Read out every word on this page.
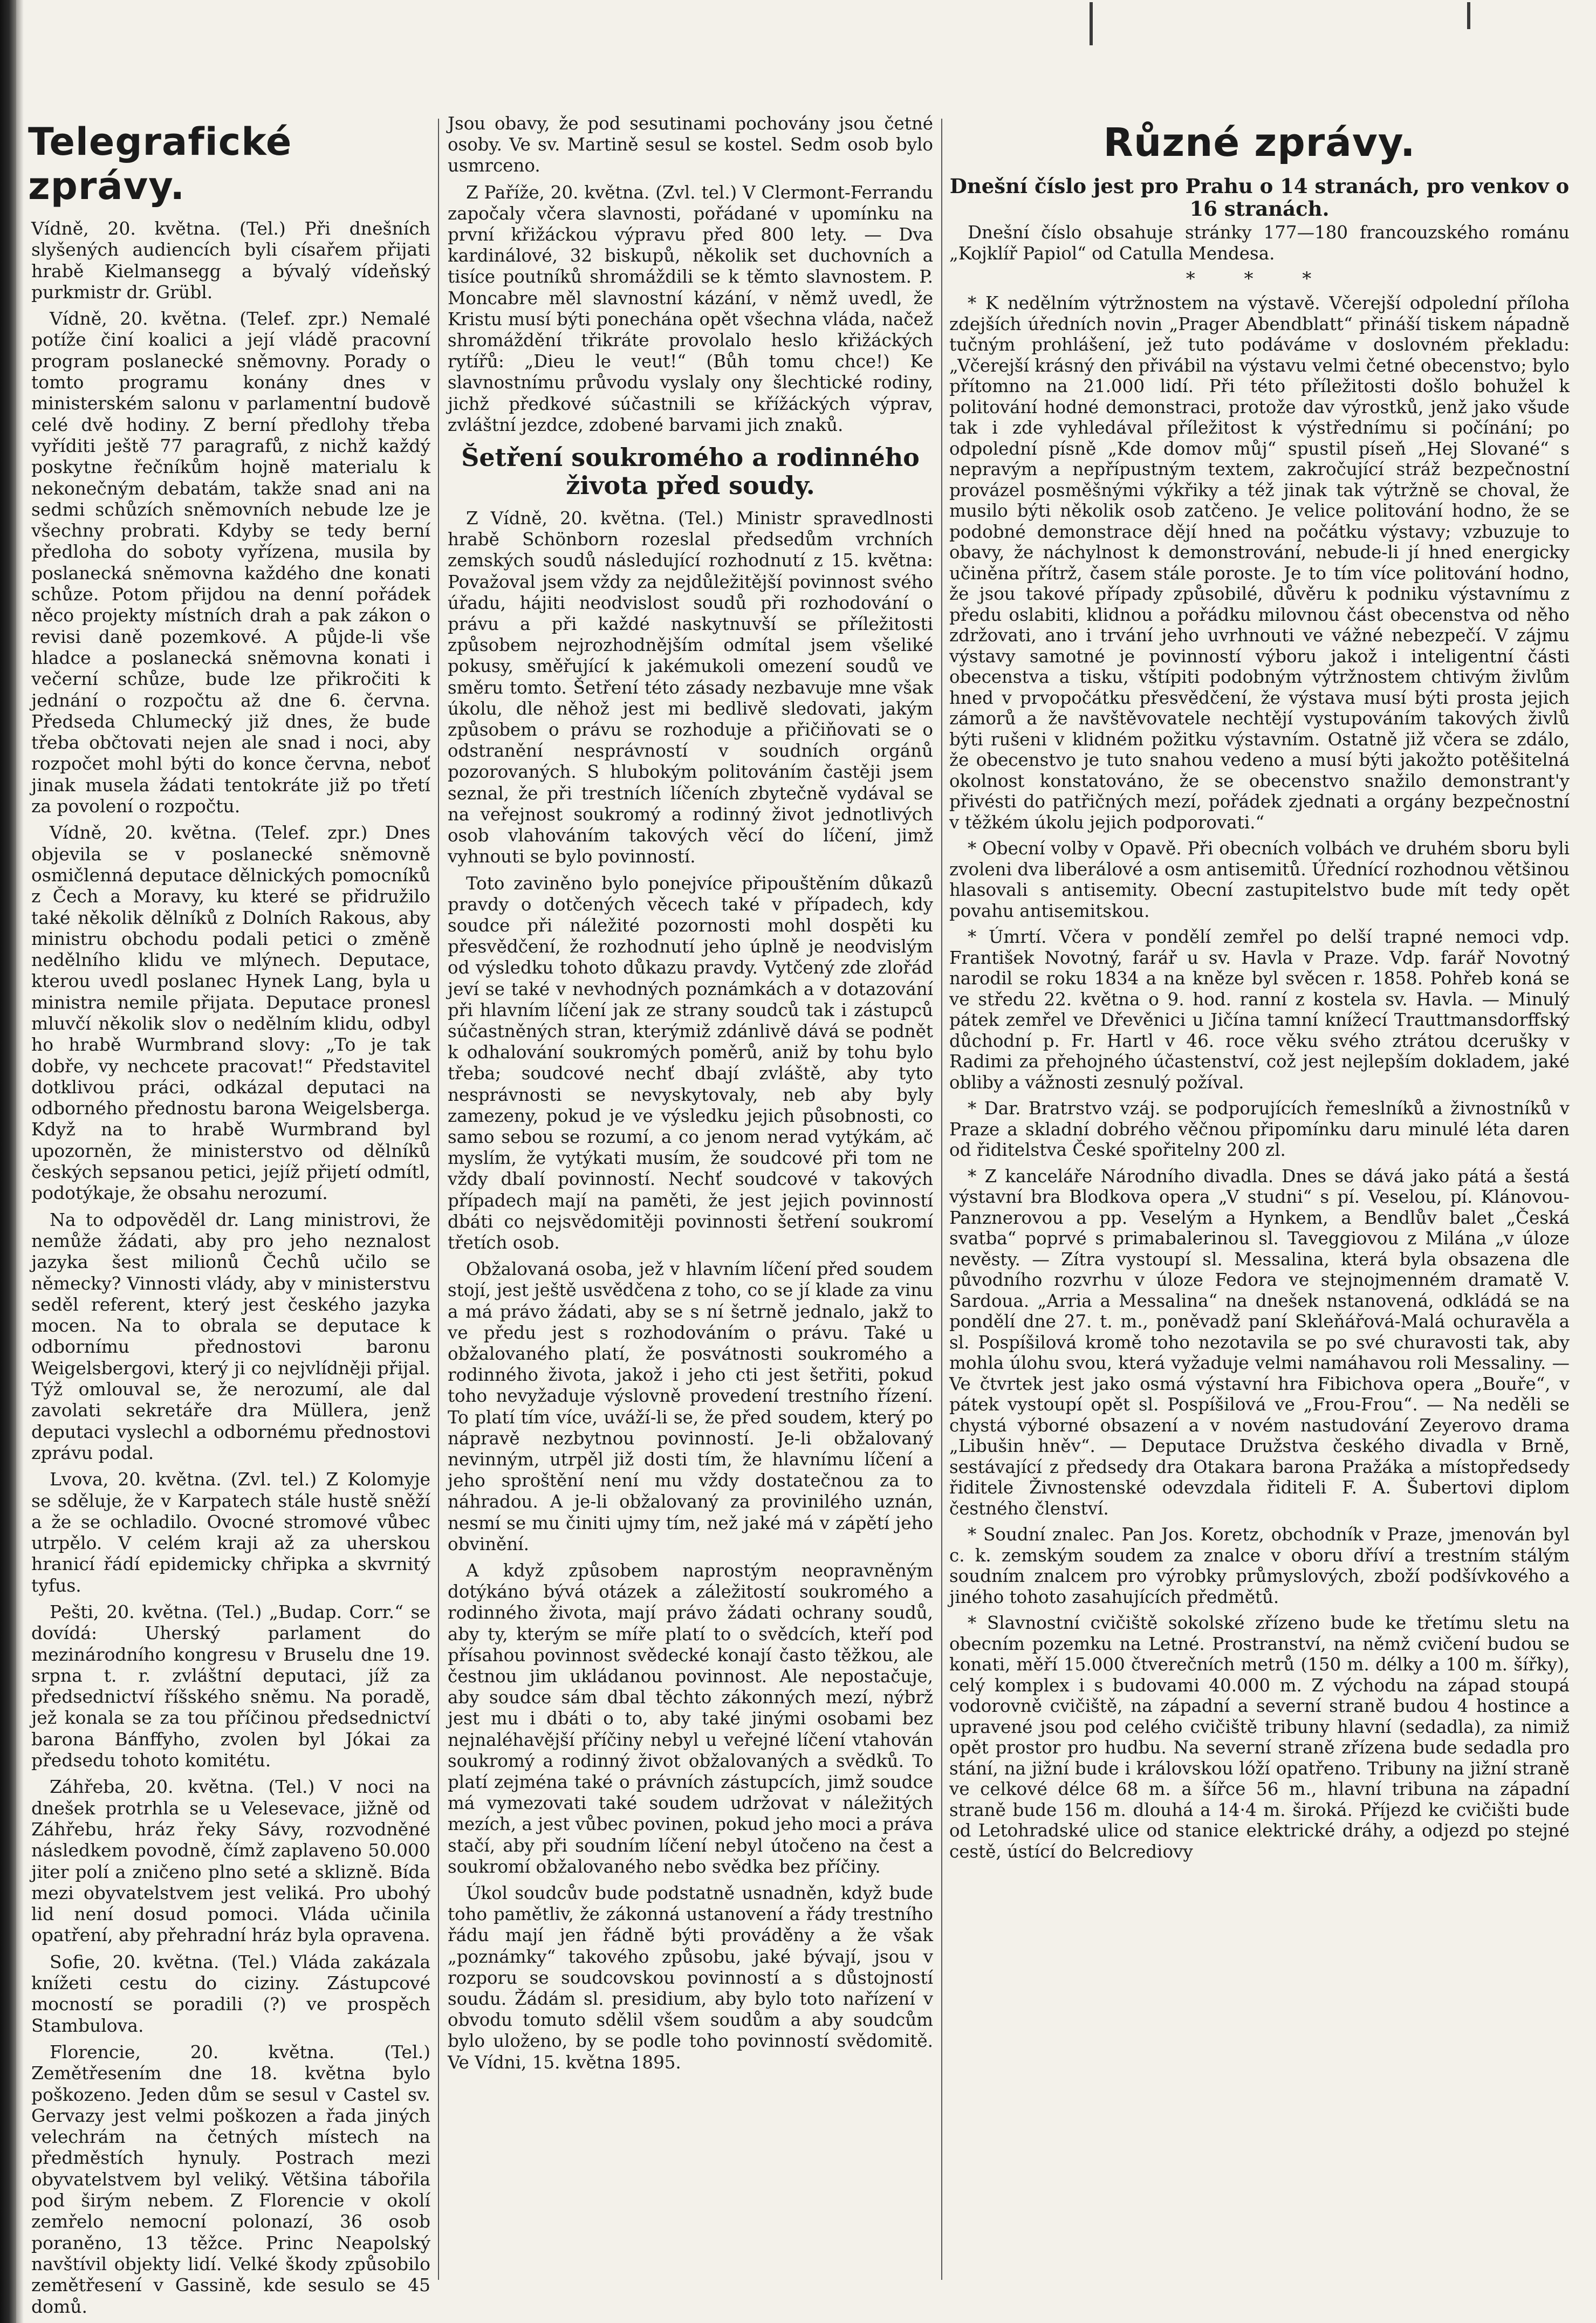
Telegrafické zprávy.

Vídně, 20. května. (Tel.) Při dnešních slyšených audiencích byli císařem přijati hrabě Kielmansegg a bývalý vídeňský purkmistr dr. Grübl.

Vídně, 20. května. (Telef. zpr.) Nemalé potíže činí koalici a její vládě pracovní program poslanecké sněmovny. Porady o tomto programu konány dnes v ministerském salonu v parlamentní budově celé dvě hodiny. Z berní předlohy třeba vyříditi ještě 77 paragrafů, z nichž každý poskytne řečníkům hojně materialu k nekonečným debatám, takže snad ani na sedmi schůzích sněmovních nebude lze je všechny probrati. Kdyby se tedy berní předloha do soboty vyřízena, musila by poslanecká sněmovna každého dne konati schůze. Potom přijdou na denní pořádek něco projekty místních drah a pak zákon o revisi daně pozemkové. A půjde-li vše hladce a poslanecká sněmovna konati i večerní schůze, bude lze přikročiti k jednání o rozpočtu až dne 6. června. Předseda Chlumecký již dnes, že bude třeba občtovati nejen ale snad i noci, aby rozpočet mohl býti do konce června, neboť jinak musela žádati tentokráte již po třetí za povolení o rozpočtu.

Vídně, 20. května. (Telef. zpr.) Dnes objevila se v poslanecké sněmovně osmičlenná deputace dělnických pomocníků z Čech a Moravy, ku které se přidružilo také několik dělníků z Dolních Rakous, aby ministru obchodu podali petici o změně nedělního klidu ve mlýnech. Deputace, kterou uvedl poslanec Hynek Lang, byla u ministra nemile přijata. Deputace pronesl mluvčí několik slov o nedělním klidu, odbyl ho hrabě Wurmbrand slovy: „To je tak dobře, vy nechcete pracovat!“ Představitel dotklivou práci, odkázal deputaci na odborného přednostu barona Weigelsberga. Když na to hrabě Wurmbrand byl upozorněn, že ministerstvo od dělníků českých sepsanou petici, jejíž přijetí odmítl, podotýkaje, že obsahu nerozumí.

Na to odpověděl dr. Lang ministrovi, že nemůže žádati, aby pro jeho neznalost jazyka šest milionů Čechů učilo se německy? Vinnosti vlády, aby v ministerstvu seděl referent, který jest českého jazyka mocen. Na to obrala se deputace k odbornímu přednostovi baronu Weigelsbergovi, který ji co nejvlídněji přijal. Týž omlouval se, že nerozumí, ale dal zavolati sekretáře dra Müllera, jenž deputaci vyslechl a odbornému přednostovi zprávu podal.

Lvova, 20. května. (Zvl. tel.) Z Kolomyje se sděluje, že v Karpatech stále hustě sněží a že se ochladilo. Ovocné stromové vůbec utrpělo. V celém kraji až za uherskou hranicí řádí epidemicky chřipka a skvrnitý tyfus.

Pešti, 20. května. (Tel.) „Budap. Corr.“ se dovídá: Uherský parlament do mezinárodního kongresu v Bruselu dne 19. srpna t. r. zvláštní deputaci, jíž za předsednictví říšského sněmu. Na poradě, jež konala se za tou příčinou předsednictví barona Bánffyho, zvolen byl Jókai za předsedu tohoto komitétu.

Záhřeba, 20. května. (Tel.) V noci na dnešek protrhla se u Velesevace, jižně od Záhřebu, hráz řeky Sávy, rozvodněné následkem povodně, čímž zaplaveno 50.000 jiter polí a zničeno plno seté a sklizně. Bída mezi obyvatelstvem jest veliká. Pro ubohý lid není dosud pomoci. Vláda učinila opatření, aby přehradní hráz byla opravena.

Sofie, 20. května. (Tel.) Vláda zakázala knížeti cestu do ciziny. Zástupcové mocností se poradili (?) ve prospěch Stambulova.

Florencie, 20. května. (Tel.) Zemětřesením dne 18. května bylo poškozeno. Jeden dům se sesul v Castel sv. Gervazy jest velmi poškozen a řada jiných velechrám na četných místech na předměstích hynuly. Postrach mezi obyvatelstvem byl veliký. Většina tábořila pod širým nebem. Z Florencie v okolí zemřelo nemocní polonazí, 36 osob poraněno, 13 těžce. Princ Neapolský navštívil objekty lidí. Velké škody způsobilo zemětřesení v Gassině, kde sesulo se 45 domů.

Jsou obavy, že pod sesutinami pochovány jsou četné osoby. Ve sv. Martině sesul se kostel. Sedm osob bylo usmrceno.

Z Paříže, 20. května. (Zvl. tel.) V Clermont-Ferrandu započaly včera slavnosti, pořádané v upomínku na první křižáckou výpravu před 800 lety. — Dva kardinálové, 32 biskupů, několik set duchovních a tisíce poutníků shromáždili se k těmto slavnostem. P. Moncabre měl slavnostní kázání, v němž uvedl, že Kristu musí býti ponechána opět všechna vláda, načež shromáždění třikráte provolalo heslo křižáckých rytířů: „Dieu le veut!“ (Bůh tomu chce!) Ke slavnostnímu průvodu vyslaly ony šlechtické rodiny, jichž předkové súčastnili se křížáckých výprav, zvláštní jezdce, zdobené barvami jich znaků.

Šetření soukromého a rodinného života před soudy.

Z Vídně, 20. května. (Tel.) Ministr spravedlnosti hrabě Schönborn rozeslal předsedům vrchních zemských soudů následující rozhodnutí z 15. května: Považoval jsem vždy za nejdůležitější povinnost svého úřadu, hájiti neodvislost soudů při rozhodování o právu a při každé naskytnuvší se příležitosti způsobem nejrozhodnějším odmítal jsem všeliké pokusy, směřující k jakémukoli omezení soudů ve směru tomto. Šetření této zásady nezbavuje mne však úkolu, dle něhož jest mi bedlivě sledovati, jakým způsobem o právu se rozhoduje a přičiňovati se o odstranění nesprávností v soudních orgánů pozorovaných. S hlubokým politováním častěji jsem seznal, že při trestních líčeních zbytečně vydával se na veřejnost soukromý a rodinný život jednotlivých osob vlahováním takových věcí do líčení, jimž vyhnouti se bylo povinností.

Toto zaviněno bylo ponejvíce připouštěním důkazů pravdy o dotčených věcech také v případech, kdy soudce při náležité pozornosti mohl dospěti ku přesvědčení, že rozhodnutí jeho úplně je neodvislým od výsledku tohoto důkazu pravdy. Vytčený zde zlořád jeví se také v nevhodných poznámkách a v dotazování při hlavním líčení jak ze strany soudců tak i zástupců súčastněných stran, kterýmiž zdánlivě dává se podnět k odhalování soukromých poměrů, aniž by tohu bylo třeba; soudcové nechť dbají zvláště, aby tyto nesprávnosti se nevyskytovaly, neb aby byly zamezeny, pokud je ve výsledku jejich působnosti, co samo sebou se rozumí, a co jenom nerad vytýkám, ač myslím, že vytýkati musím, že soudcové při tom ne vždy dbalí povinností. Nechť soudcové v takových případech mají na paměti, že jest jejich povinností dbáti co nejsvědomitěji povinnosti šetření soukromí třetích osob.

Obžalovaná osoba, jež v hlavním líčení před soudem stojí, jest ještě usvědčena z toho, co se jí klade za vinu a má právo žádati, aby se s ní šetrně jednalo, jakž to ve předu jest s rozhodováním o právu. Také u obžalovaného platí, že posvátnosti soukromého a rodinného života, jakož i jeho cti jest šetřiti, pokud toho nevyžaduje výslovně provedení trestního řízení. To platí tím více, uváží-li se, že před soudem, který po nápravě nezbytnou povinností. Je-li obžalovaný nevinným, utrpěl již dosti tím, že hlavnímu líčení a jeho sproštění není mu vždy dostatečnou za to náhradou. A je-li obžalovaný za provinilého uznán, nesmí se mu činiti ujmy tím, než jaké má v zápětí jeho obvinění.

A když způsobem naprostým neopravněným dotýkáno bývá otázek a záležitostí soukromého a rodinného života, mají právo žádati ochrany soudů, aby ty, kterým se míře platí to o svědcích, kteří pod přísahou povinnost svědecké konají často těžkou, ale čestnou jim ukládanou povinnost. Ale nepostačuje, aby soudce sám dbal těchto zákonných mezí, nýbrž jest mu i dbáti o to, aby také jinými osobami bez nejnaléhavější příčiny nebyl u veřejné líčení vtahován soukromý a rodinný život obžalovaných a svědků. To platí zejména také o právních zástupcích, jimž soudce má vymezovati také soudem udržovat v náležitých mezích, a jest vůbec povinen, pokud jeho moci a práva stačí, aby při soudním líčení nebyl útočeno na čest a soukromí obžalovaného nebo svědka bez příčiny.

Úkol soudcův bude podstatně usnadněn, když bude toho pamětliv, že zákonná ustanovení a řády trestního řádu mají jen řádně býti prováděny a že však „poznámky“ takového způsobu, jaké bývají, jsou v rozporu se soudcovskou povinností a s důstojností soudu. Žádám sl. presidium, aby bylo toto nařízení v obvodu tomuto sdělil všem soudům a aby soudcům bylo uloženo, by se podle toho povinností svědomitě. Ve Vídni, 15. května 1895.

Různé zprávy.
Dnešní číslo jest pro Prahu o 14 stranách, pro venkov o 16 stranách.

Dnešní číslo obsahuje stránky 177—180 francouzského románu „Kojklíř Papiol“ od Catulla Mendesa.

* * *

* K nedělním výtržnostem na výstavě. Včerejší odpolední příloha zdejších úředních novin „Prager Abendblatt“ přináší tiskem nápadně tučným prohlášení, jež tuto podáváme v doslovném překladu: „Včerejší krásný den přivábil na výstavu velmi četné obecenstvo; bylo přítomno na 21.000 lidí. Při této příležitosti došlo bohužel k politování hodné demonstraci, protože dav výrostků, jenž jako všude tak i zde vyhledával příležitost k výstřednímu si počínání; po odpolední písně „Kde domov můj“ spustil píseň „Hej Slované“ s nepravým a nepřípustným textem, zakročující stráž bezpečnostní provázel posměšnými výkřiky a též jinak tak výtržně se choval, že musilo býti několik osob zatčeno. Je velice politování hodno, že se podobné demonstrace dějí hned na počátku výstavy; vzbuzuje to obavy, že náchylnost k demonstrování, nebude-li jí hned energicky učiněna přítrž, časem stále poroste. Je to tím více politování hodno, že jsou takové případy způsobilé, důvěru k podniku výstavnímu z předu oslabiti, klidnou a pořádku milovnou část obecenstva od něho zdržovati, ano i trvání jeho uvrhnouti ve vážné nebezpečí. V zájmu výstavy samotné je povinností výboru jakož i inteligentní části obecenstva a tisku, vštípiti podobným výtržnostem chtivým živlům hned v prvopočátku přesvědčení, že výstava musí býti prosta jejich zámorů a že navštěvovatele nechtějí vystupováním takových živlů býti rušeni v klidném požitku výstavním. Ostatně již včera se zdálo, že obecenstvo je tuto snahou vedeno a musí býti jakožto potěšitelná okolnost konstatováno, že se obecenstvo snažilo demonstrant'y přivésti do patřičných mezí, pořádek zjednati a orgány bezpečnostní v těžkém úkolu jejich podporovati.“

* Obecní volby v Opavě. Při obecních volbách ve druhém sboru byli zvoleni dva liberálové a osm antisemitů. Úřednící rozhodnou většinou hlasovali s antisemity. Obecní zastupitelstvo bude mít tedy opět povahu antisemitskou.

* Úmrtí. Včera v pondělí zemřel po delší trapné nemoci vdp. František Novotný, farář u sv. Havla v Praze. Vdp. farář Novotný narodil se roku 1834 a na kněze byl svěcen r. 1858. Pohřeb koná se ve středu 22. května o 9. hod. ranní z kostela sv. Havla. — Minulý pátek zemřel ve Dřevěnici u Jičína tamní knížecí Trauttmansdorffský důchodní p. Fr. Hartl v 46. roce věku svého ztrátou dcerušky v Radimi za přehojného účastenství, což jest nejlepším dokladem, jaké obliby a vážnosti zesnulý požíval.

* Dar. Bratrstvo vzáj. se podporujících řemeslníků a živnostníků v Praze a skladní dobrého věčnou připomínku daru minulé léta daren od řiditelstva České spořitelny 200 zl.

* Z kanceláře Národního divadla. Dnes se dává jako pátá a šestá výstavní bra Blodkova opera „V studni“ s pí. Veselou, pí. Klánovou-Panznerovou a pp. Veselým a Hynkem, a Bendlův balet „Česká svatba“ poprvé s primabalerinou sl. Taveggiovou z Milána „v úloze nevěsty. — Zítra vystoupí sl. Messalina, která byla obsazena dle původního rozvrhu v úloze Fedora ve stejnojmenném dramatě V. Sardoua. „Arria a Messalina“ na dnešek nstanovená, odkládá se na pondělí dne 27. t. m., poněvadž paní Skleňářová-Malá ochuravěla a sl. Pospíšilová kromě toho nezotavila se po své churavosti tak, aby mohla úlohu svou, která vyžaduje velmi namáhavou roli Messaliny. — Ve čtvrtek jest jako osmá výstavní hra Fibichova opera „Bouře“, v pátek vystoupí opět sl. Pospíšilová ve „Frou-Frou“. — Na neděli se chystá výborné obsazení a v novém nastudování Zeyerovo drama „Libušin hněv“. — Deputace Družstva českého divadla v Brně, sestávající z předsedy dra Otakara barona Pražáka a místopředsedy řiditele Živnostenské odevzdala řiditeli F. A. Šubertovi diplom čestného členství.

* Soudní znalec. Pan Jos. Koretz, obchodník v Praze, jmenován byl c. k. zemským soudem za znalce v oboru dříví a trestním stálým soudním znalcem pro výrobky průmyslových, zboží podšívkového a jiného tohoto zasahujících předmětů.

* Slavnostní cvičiště sokolské zřízeno bude ke třetímu sletu na obecním pozemku na Letné. Prostranství, na němž cvičení budou se konati, měří 15.000 čtverečních metrů (150 m. délky a 100 m. šířky), celý komplex i s budovami 40.000 m. Z východu na západ stoupá vodorovně cvičiště, na západní a severní straně budou 4 hostince a upravené jsou pod celého cvičiště tribuny hlavní (sedadla), za nimiž opět prostor pro hudbu. Na severní straně zřízena bude sedadla pro stání, na jižní bude i královskou lóží opatřeno. Tribuny na jižní straně ve celkové délce 68 m. a šířce 56 m., hlavní tribuna na západní straně bude 156 m. dlouhá a 14·4 m. široká. Příjezd ke cvičišti bude od Letohradské ulice od stanice elektrické dráhy, a odjezd po stejné cestě, ústící do Belcrediovy
